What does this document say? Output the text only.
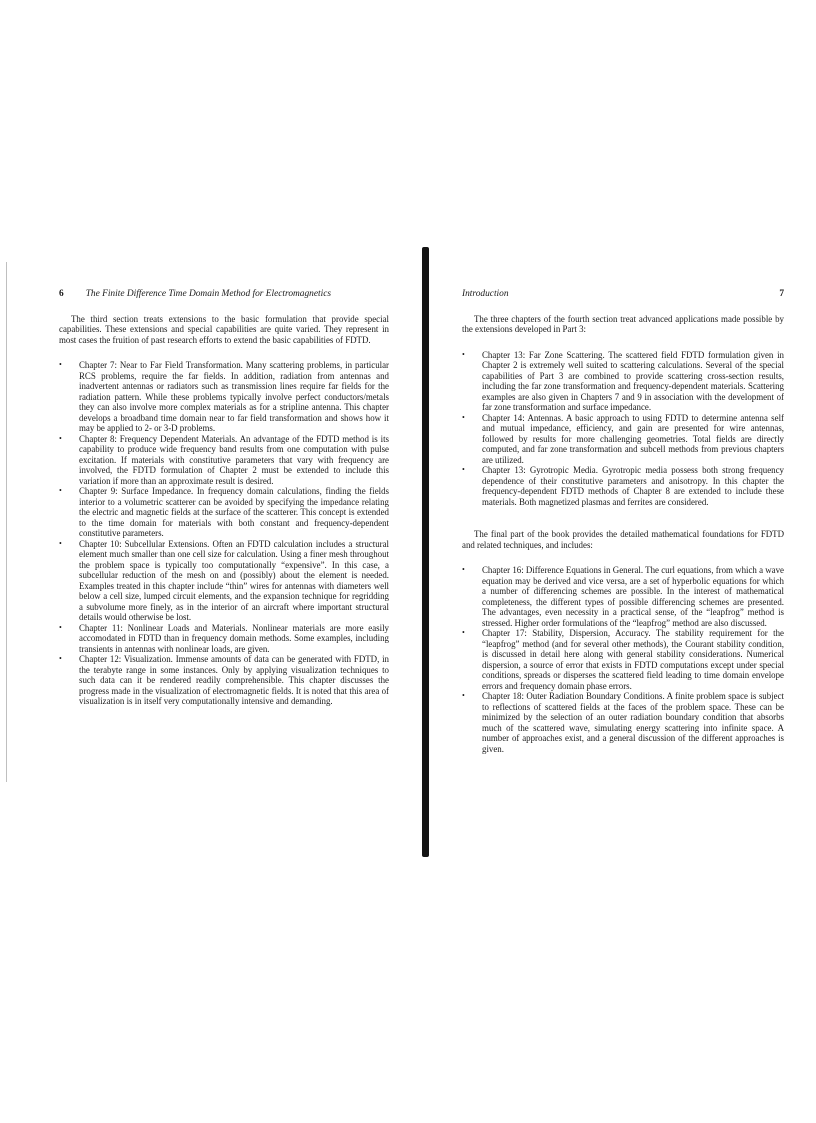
6 The Finite Difference Time Domain Method for Electromagnetics

The third section treats extensions to the basic formulation that provide special capabilities. These extensions and special capabilities are quite varied. They represent in most cases the fruition of past research efforts to extend the basic capabilities of FDTD.

• Chapter 7: Near to Far Field Transformation. Many scattering problems, in particular RCS problems, require the far fields. In addition, radiation from antennas and inadvertent antennas or radiators such as transmission lines require far fields for the radiation pattern. While these problems typically involve perfect conductors/metals they can also involve more complex materials as for a stripline antenna. This chapter develops a broadband time domain near to far field transformation and shows how it may be applied to 2- or 3-D problems.
• Chapter 8: Frequency Dependent Materials. An advantage of the FDTD method is its capability to produce wide frequency band results from one computation with pulse excitation. If materials with constitutive parameters that vary with frequency are involved, the FDTD formulation of Chapter 2 must be extended to include this variation if more than an approximate result is desired.
• Chapter 9: Surface Impedance. In frequency domain calculations, finding the fields interior to a volumetric scatterer can be avoided by specifying the impedance relating the electric and magnetic fields at the surface of the scatterer. This concept is extended to the time domain for materials with both constant and frequency-dependent constitutive parameters.
• Chapter 10: Subcellular Extensions. Often an FDTD calculation includes a structural element much smaller than one cell size for calculation. Using a finer mesh throughout the problem space is typically too computationally “expensive”. In this case, a subcellular reduction of the mesh on and (possibly) about the element is needed. Examples treated in this chapter include “thin” wires for antennas with diameters well below a cell size, lumped circuit elements, and the expansion technique for regridding a subvolume more finely, as in the interior of an aircraft where important structural details would otherwise be lost.
• Chapter 11: Nonlinear Loads and Materials. Nonlinear materials are more easily accomodated in FDTD than in frequency domain methods. Some examples, including transients in antennas with nonlinear loads, are given.
• Chapter 12: Visualization. Immense amounts of data can be generated with FDTD, in the terabyte range in some instances. Only by applying visualization techniques to such data can it be rendered readily comprehensible. This chapter discusses the progress made in the visualization of electromagnetic fields. It is noted that this area of visualization is in itself very computationally intensive and demanding.
Introduction	7

The three chapters of the fourth section treat advanced applications made possible by the extensions developed in Part 3:

• Chapter 13: Far Zone Scattering. The scattered field FDTD formulation given in Chapter 2 is extremely well suited to scattering calculations. Several of the special capabilities of Part 3 are combined to provide scattering cross-section results, including the far zone transformation and frequency-dependent materials. Scattering examples are also given in Chapters 7 and 9 in association with the development of far zone transformation and surface impedance.
• Chapter 14: Antennas. A basic approach to using FDTD to determine antenna self and mutual impedance, efficiency, and gain are presented for wire antennas, followed by results for more challenging geometries. Total fields are directly computed, and far zone transformation and subcell methods from previous chapters are utilized.
• Chapter 13: Gyrotropic Media. Gyrotropic media possess both strong frequency dependence of their constitutive parameters and anisotropy. In this chapter the frequency-dependent FDTD methods of Chapter 8 are extended to include these materials. Both magnetized plasmas and ferrites are considered.

The final part of the book provides the detailed mathematical foundations for FDTD and related techniques, and includes:

• Chapter 16: Difference Equations in General. The curl equations, from which a wave equation may be derived and vice versa, are a set of hyperbolic equations for which a number of differencing schemes are possible. In the interest of mathematical completeness, the different types of possible differencing schemes are presented. The advantages, even necessity in a practical sense, of the “leapfrog” method is stressed. Higher order formulations of the “leapfrog” method are also discussed.
• Chapter 17: Stability, Dispersion, Accuracy. The stability requirement for the “leapfrog” method (and for several other methods), the Courant stability condition, is discussed in detail here along with general stability considerations. Numerical dispersion, a source of error that exists in FDTD computations except under special conditions, spreads or disperses the scattered field leading to time domain envelope errors and frequency domain phase errors.
• Chapter 18: Outer Radiation Boundary Conditions. A finite problem space is subject to reflections of scattered fields at the faces of the problem space. These can be minimized by the selection of an outer radiation boundary condition that absorbs much of the scattered wave, simulating energy scattering into infinite space. A number of approaches exist, and a general discussion of the different approaches is given.
